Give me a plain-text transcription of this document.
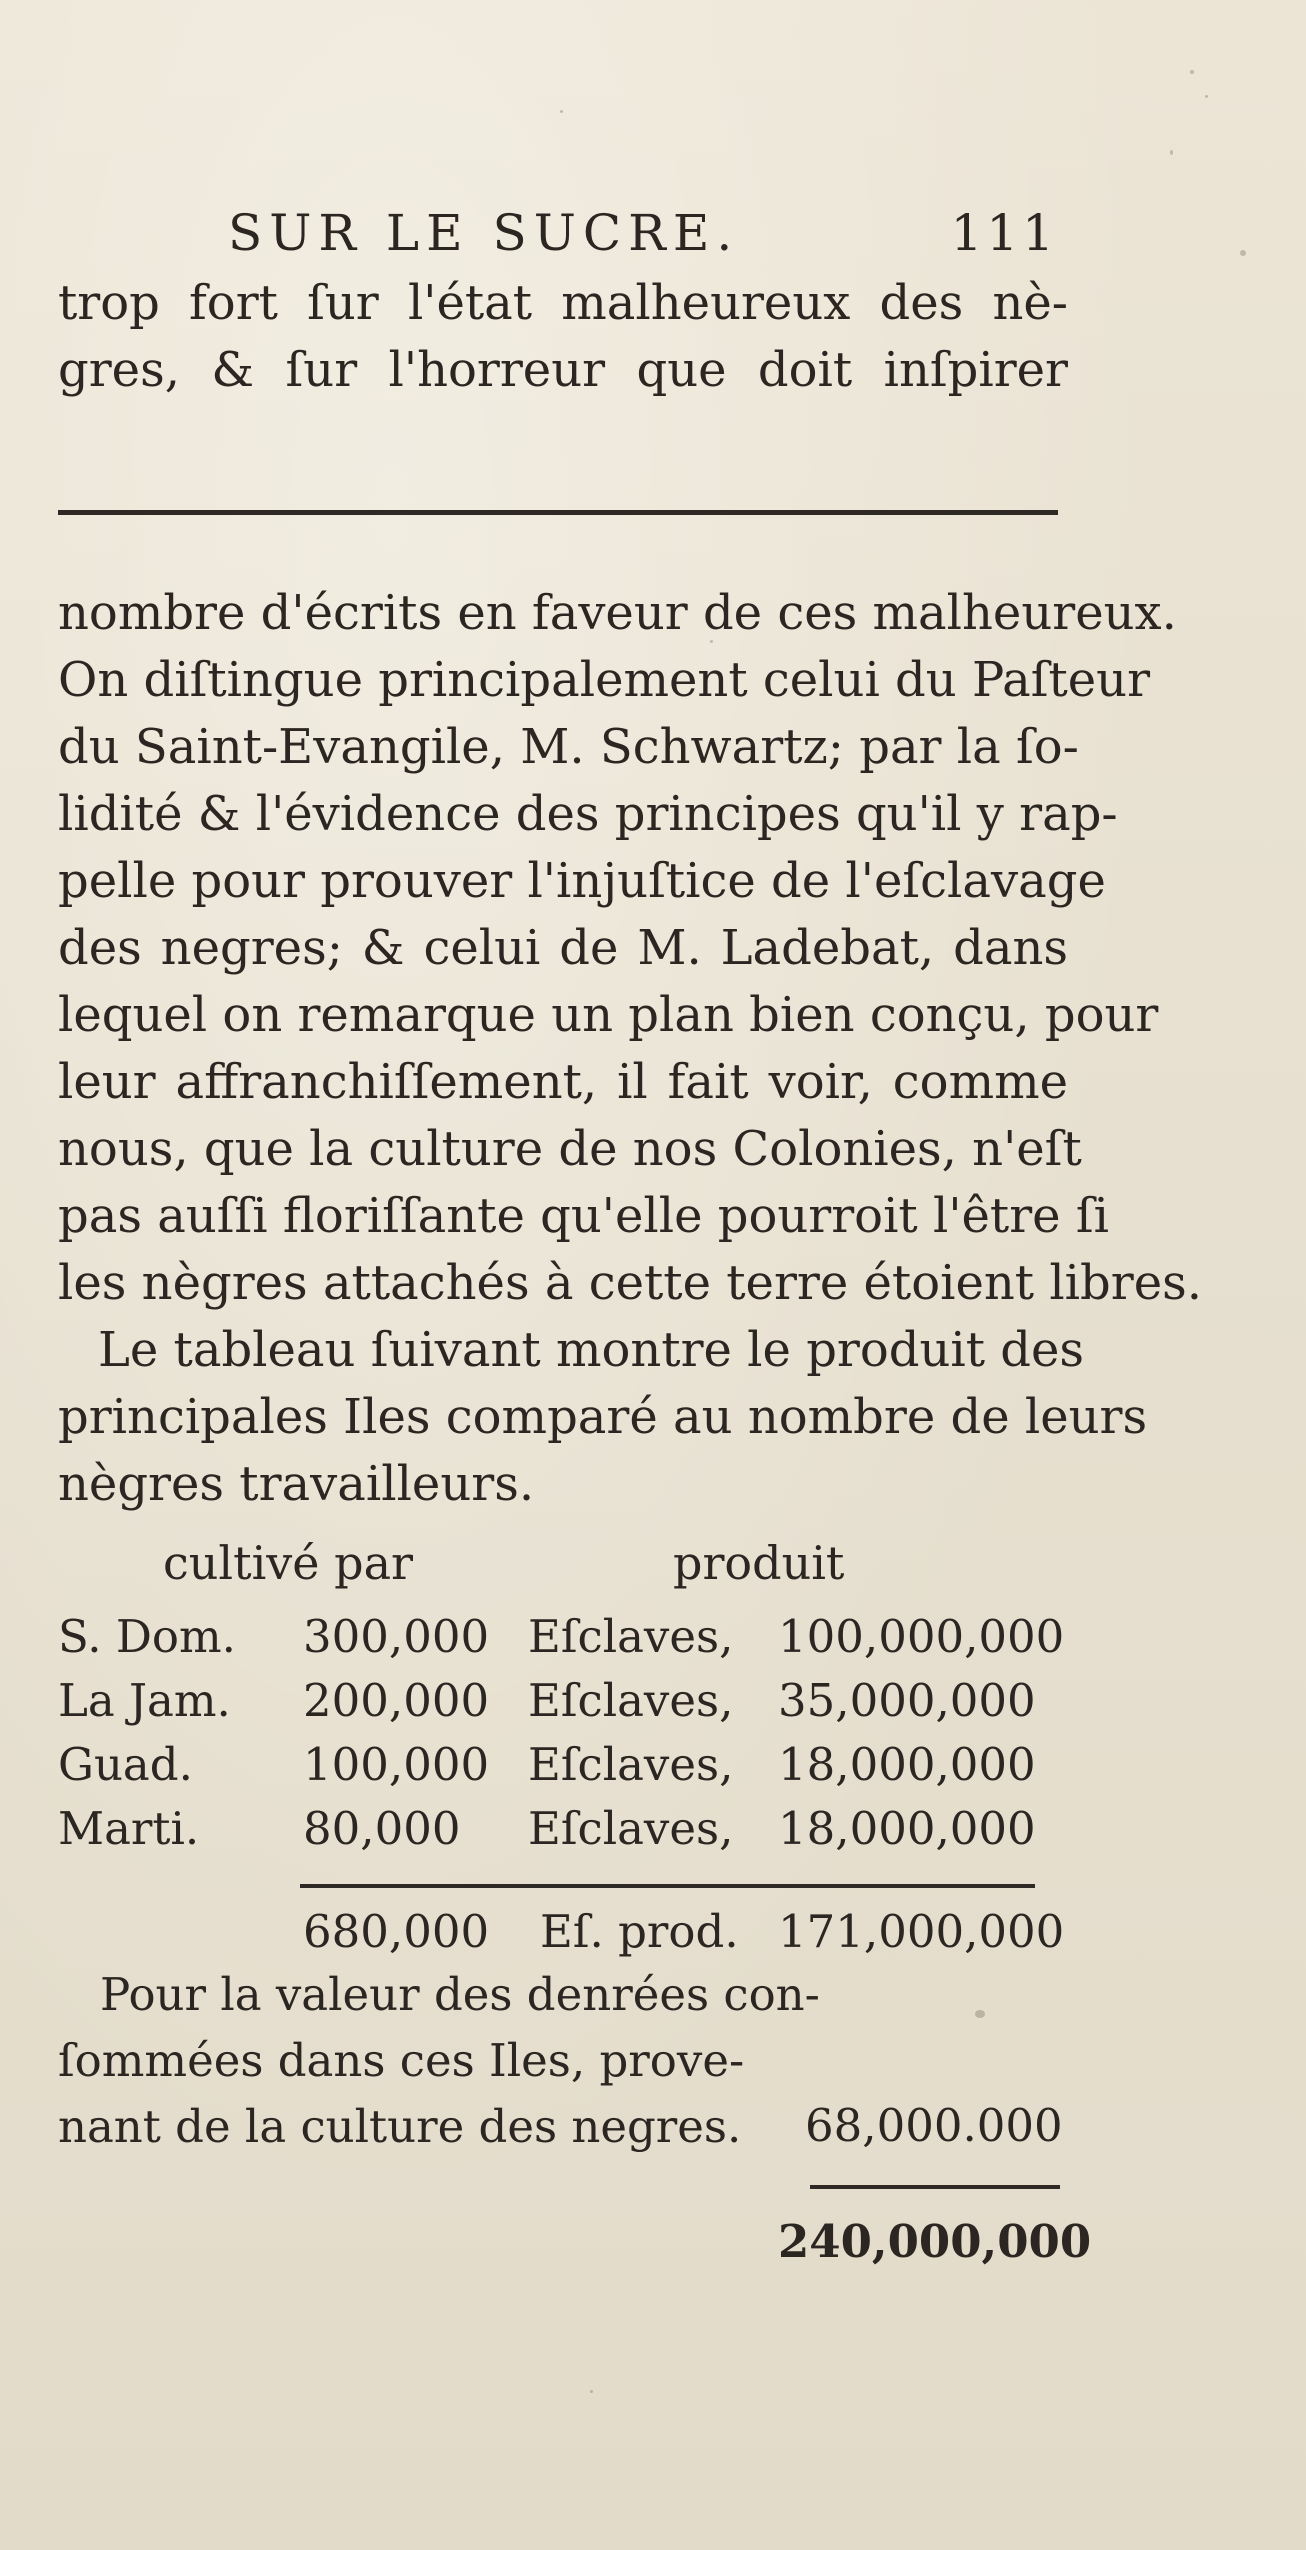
SUR LE SUCRE.	111
trop fort ſur l'état malheureux des nè-
gres, & ſur l'horreur que doit inſpirer
nombre d'écrits en faveur de ces malheureux.
On diſtingue principalement celui du Paſteur
du Saint-Evangile, M. Schwartz; par la ſo-
lidité & l'évidence des principes qu'il y rap-
pelle pour prouver l'injuſtice de l'eſclavage
des negres; & celui de M. Ladebat, dans
lequel on remarque un plan bien conçu, pour
leur affranchiſſement, il fait voir, comme
nous, que la culture de nos Colonies, n'eſt
pas auſſi floriſſante qu'elle pourroit l'être ſi
les nègres attachés à cette terre étoient libres.
Le tableau ſuivant montre le produit des
principales Iles comparé au nombre de leurs
nègres travailleurs.
cultivé par	produit
S. Dom. 300,000 Eſclaves, 100,000,000
La Jam. 200,000 Eſclaves, 35,000,000
Guad. 100,000 Eſclaves, 18,000,000
Marti. 80,000 Eſclaves, 18,000,000
680,000 Eſ. prod. 171,000,000
Pour la valeur des denrées con-
ſommées dans ces Iles, prove-
nant de la culture des negres.	68,000.000
240,000,000
